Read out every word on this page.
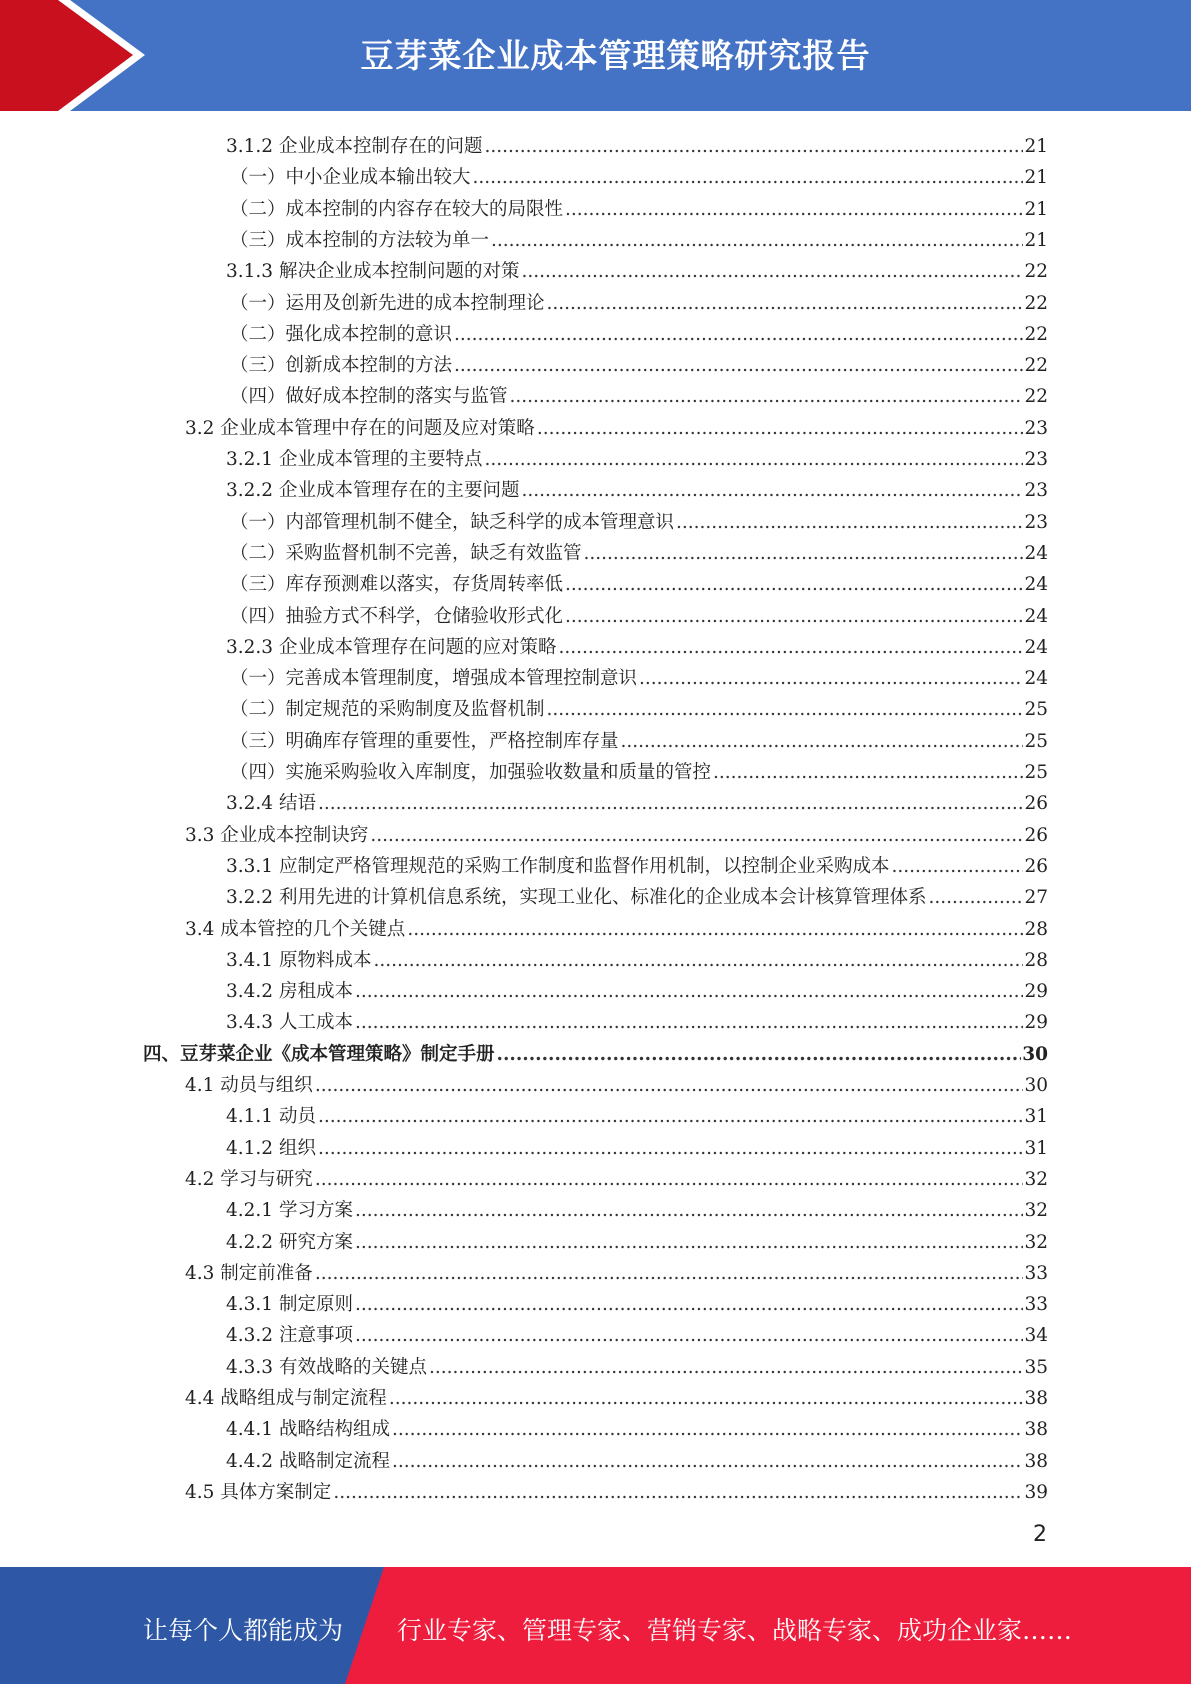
豆芽菜企业成本管理策略研究报告
3.1.2 企业成本控制存在的问题 .....	21
（一）中小企业成本输出较大 .....	21
（二）成本控制的内容存在较大的局限性 .....	21
（三）成本控制的方法较为单一 .....	21
3.1.3 解决企业成本控制问题的对策 .....	22
（一）运用及创新先进的成本控制理论 .....	22
（二）强化成本控制的意识 .....	22
（三）创新成本控制的方法 .....	22
（四）做好成本控制的落实与监管 .....	22
3.2 企业成本管理中存在的问题及应对策略 .....	23
3.2.1 企业成本管理的主要特点 .....	23
3.2.2 企业成本管理存在的主要问题 .....	23
（一）内部管理机制不健全，缺乏科学的成本管理意识 .....	23
（二）采购监督机制不完善，缺乏有效监管 .....	24
（三）库存预测难以落实，存货周转率低 .....	24
（四）抽验方式不科学，仓储验收形式化 .....	24
3.2.3 企业成本管理存在问题的应对策略 .....	24
（一）完善成本管理制度，增强成本管理控制意识 .....	24
（二）制定规范的采购制度及监督机制 .....	25
（三）明确库存管理的重要性，严格控制库存量 .....	25
（四）实施采购验收入库制度，加强验收数量和质量的管控 .....	25
3.2.4 结语 .....	26
3.3 企业成本控制诀窍 .....	26
3.3.1 应制定严格管理规范的采购工作制度和监督作用机制，以控制企业采购成本 .....	26
3.2.2 利用先进的计算机信息系统，实现工业化、标准化的企业成本会计核算管理体系 .....	27
3.4 成本管控的几个关键点 .....	28
3.4.1 原物料成本 .....	28
3.4.2 房租成本 .....	29
3.4.3 人工成本 .....	29
四、豆芽菜企业《成本管理策略》制定手册 .....	30
4.1 动员与组织 .....	30
4.1.1 动员 .....	31
4.1.2 组织 .....	31
4.2 学习与研究 .....	32
4.2.1 学习方案 .....	32
4.2.2 研究方案 .....	32
4.3 制定前准备 .....	33
4.3.1 制定原则 .....	33
4.3.2 注意事项 .....	34
4.3.3 有效战略的关键点 .....	35
4.4 战略组成与制定流程 .....	38
4.4.1 战略结构组成 .....	38
4.4.2 战略制定流程 .....	38
4.5 具体方案制定 .....	39
2
让每个人都能成为 行业专家、管理专家、营销专家、战略专家、成功企业家……
